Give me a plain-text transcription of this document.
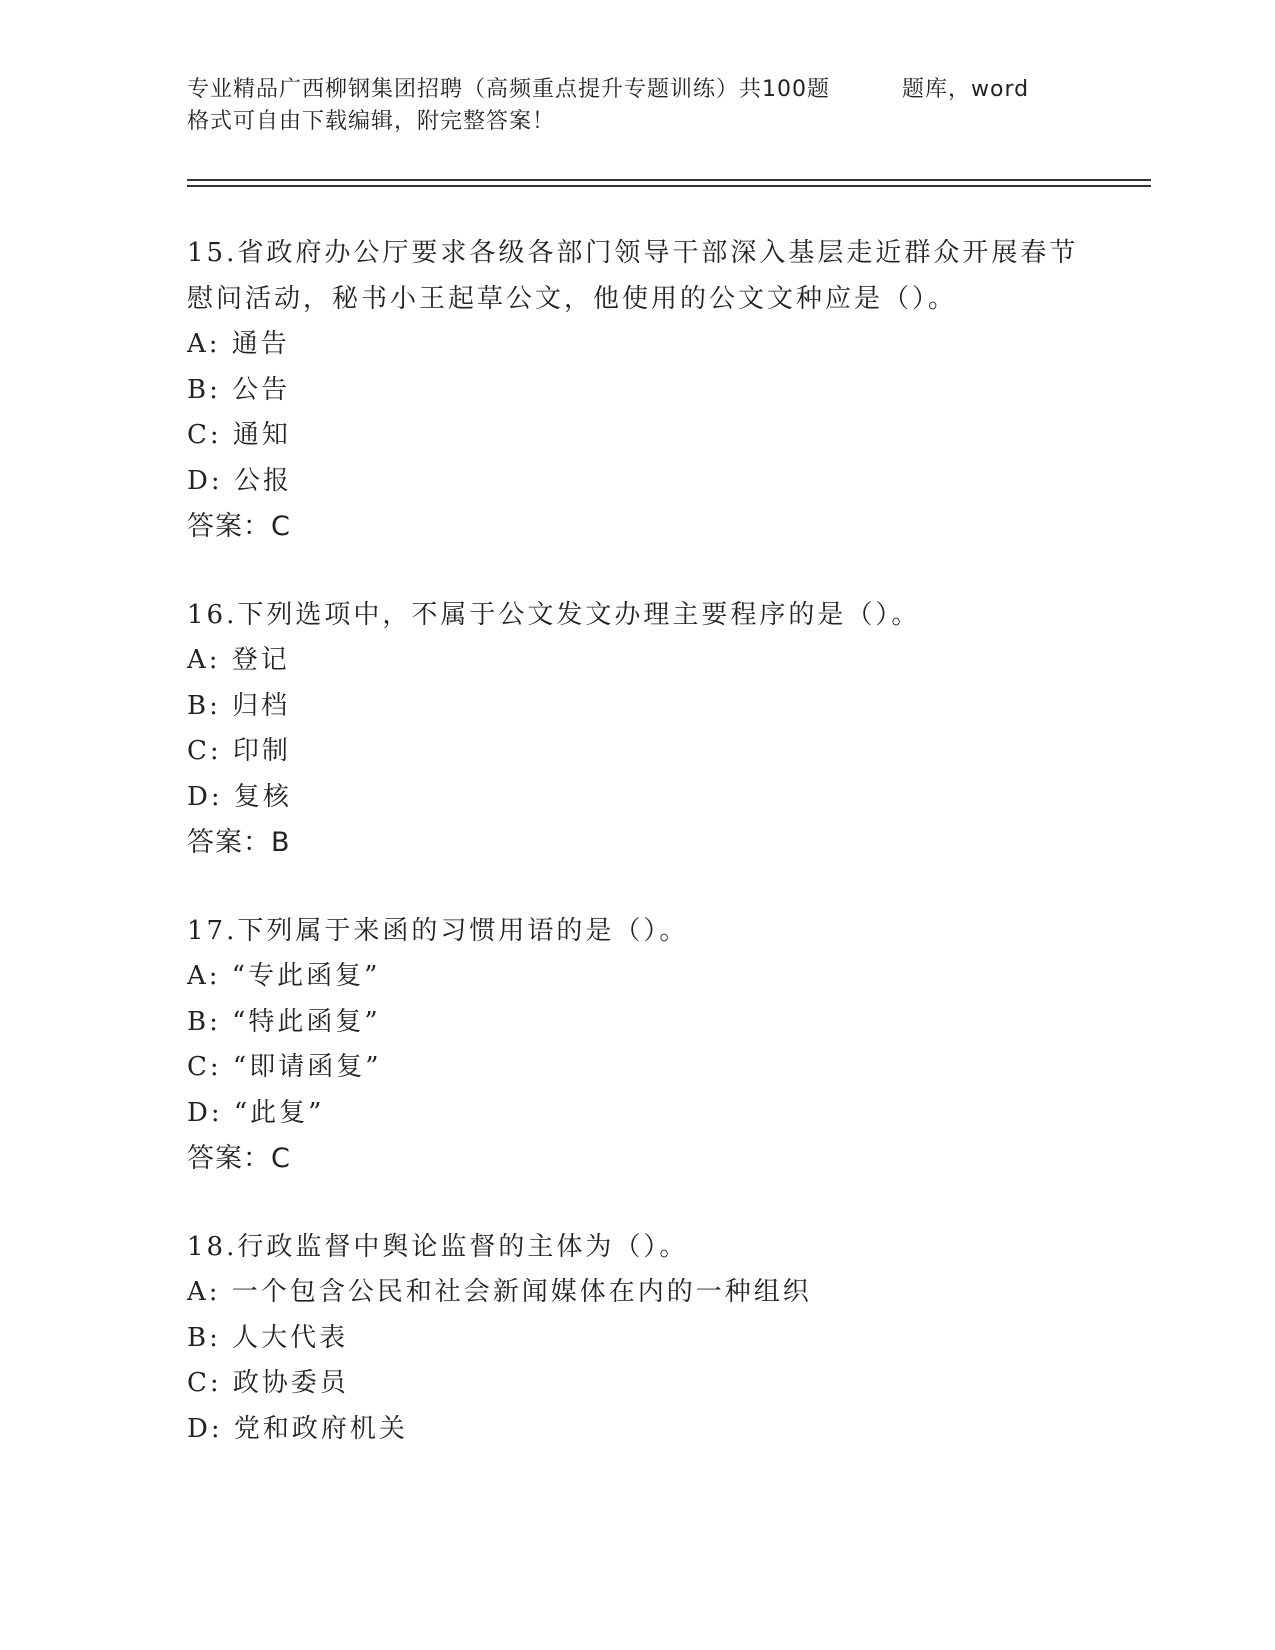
专业精品广西柳钢集团招聘（高频重点提升专题训练）共100题	题库，word
格式可自由下载编辑，附完整答案！
15.省政府办公厅要求各级各部门领导干部深入基层走近群众开展春节慰问活动，秘书小王起草公文，他使用的公文文种应是（）。
A: 通告
B: 公告
C: 通知
D: 公报
答案：C
16.下列选项中，不属于公文发文办理主要程序的是（）。
A: 登记
B: 归档
C: 印制
D: 复核
答案：B
17.下列属于来函的习惯用语的是（）。
A: “专此函复”
B: “特此函复”
C: “即请函复”
D: “此复”
答案：C
18.行政监督中舆论监督的主体为（）。
A: 一个包含公民和社会新闻媒体在内的一种组织
B: 人大代表
C: 政协委员
D: 党和政府机关
